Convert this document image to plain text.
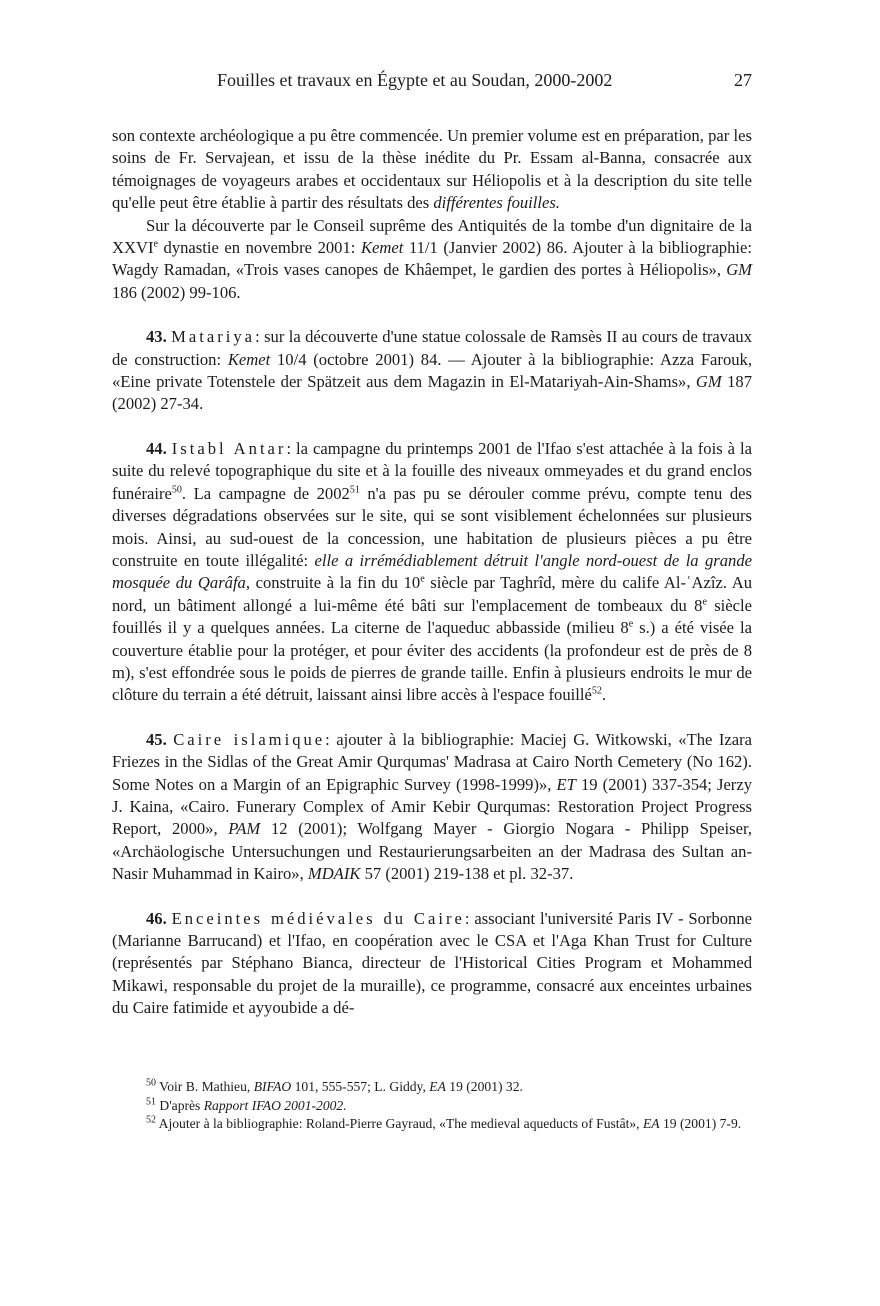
Fouilles et travaux en Égypte et au Soudan, 2000-2002	27

son contexte archéologique a pu être commencée. Un premier volume est en préparation, par les soins de Fr. Servajean, et issu de la thèse inédite du Pr. Essam al-Banna, consacrée aux témoignages de voyageurs arabes et occidentaux sur Héliopolis et à la description du site telle qu'elle peut être établie à partir des résultats des différentes fouilles.

Sur la découverte par le Conseil suprême des Antiquités de la tombe d'un dignitaire de la XXVIe dynastie en novembre 2001: Kemet 11/1 (Janvier 2002) 86. Ajouter à la bibliographie: Wagdy Ramadan, «Trois vases canopes de Khâempet, le gardien des portes à Héliopolis», GM 186 (2002) 99-106.

43. Matariya: sur la découverte d'une statue colossale de Ramsès II au cours de travaux de construction: Kemet 10/4 (octobre 2001) 84. — Ajouter à la bibliographie: Azza Farouk, «Eine private Totenstele der Spätzeit aus dem Magazin in El-Matariyah-Ain-Shams», GM 187 (2002) 27-34.

44. Istabl Antar: la campagne du printemps 2001 de l'Ifao s'est attachée à la fois à la suite du relevé topographique du site et à la fouille des niveaux ommeyades et du grand enclos funéraire$^{50}$. La campagne de 2002$^{51}$ n'a pas pu se dérouler comme prévu, compte tenu des diverses dégradations observées sur le site, qui se sont visiblement échelonnées sur plusieurs mois. Ainsi, au sud-ouest de la concession, une habitation de plusieurs pièces a pu être construite en toute illégalité: elle a irrémédiablement détruit l'angle nord-ouest de la grande mosquée du Qarâfa, construite à la fin du 10e siècle par Taghrîd, mère du calife Al-ʿAzîz. Au nord, un bâtiment allongé a lui-même été bâti sur l'emplacement de tombeaux du 8e siècle fouillés il y a quelques années. La citerne de l'aqueduc abbasside (milieu 8e s.) a été visée la couverture établie pour la protéger, et pour éviter des accidents (la profondeur est de près de 8 m), s'est effondrée sous le poids de pierres de grande taille. Enfin à plusieurs endroits le mur de clôture du terrain a été détruit, laissant ainsi libre accès à l'espace fouillé$^{52}$.

45. Caire islamique: ajouter à la bibliographie: Maciej G. Witkowski, «The Izara Friezes in the Sidlas of the Great Amir Qurqumas' Madrasa at Cairo North Cemetery (No 162). Some Notes on a Margin of an Epigraphic Survey (1998-1999)», ET 19 (2001) 337-354; Jerzy J. Kaina, «Cairo. Funerary Complex of Amir Kebir Qurqumas: Restoration Project Progress Report, 2000», PAM 12 (2001); Wolfgang Mayer - Giorgio Nogara - Philipp Speiser, «Archäologische Untersuchungen und Restaurierungsarbeiten an der Madrasa des Sultan an-Nasir Muhammad in Kairo», MDAIK 57 (2001) 219-138 et pl. 32-37.

46. Enceintes médiévales du Caire: associant l'université Paris IV - Sorbonne (Marianne Barrucand) et l'Ifao, en coopération avec le CSA et l'Aga Khan Trust for Culture (représentés par Stéphano Bianca, directeur de l'Historical Cities Program et Mohammed Mikawi, responsable du projet de la muraille), ce programme, consacré aux enceintes urbaines du Caire fatimide et ayyoubide a dé-

$^{50}$ Voir B. Mathieu, BIFAO 101, 555-557; L. Giddy, EA 19 (2001) 32.

$^{51}$ D'après Rapport IFAO 2001-2002.

$^{52}$ Ajouter à la bibliographie: Roland-Pierre Gayraud, «The medieval aqueducts of Fustât», EA 19 (2001) 7-9.
